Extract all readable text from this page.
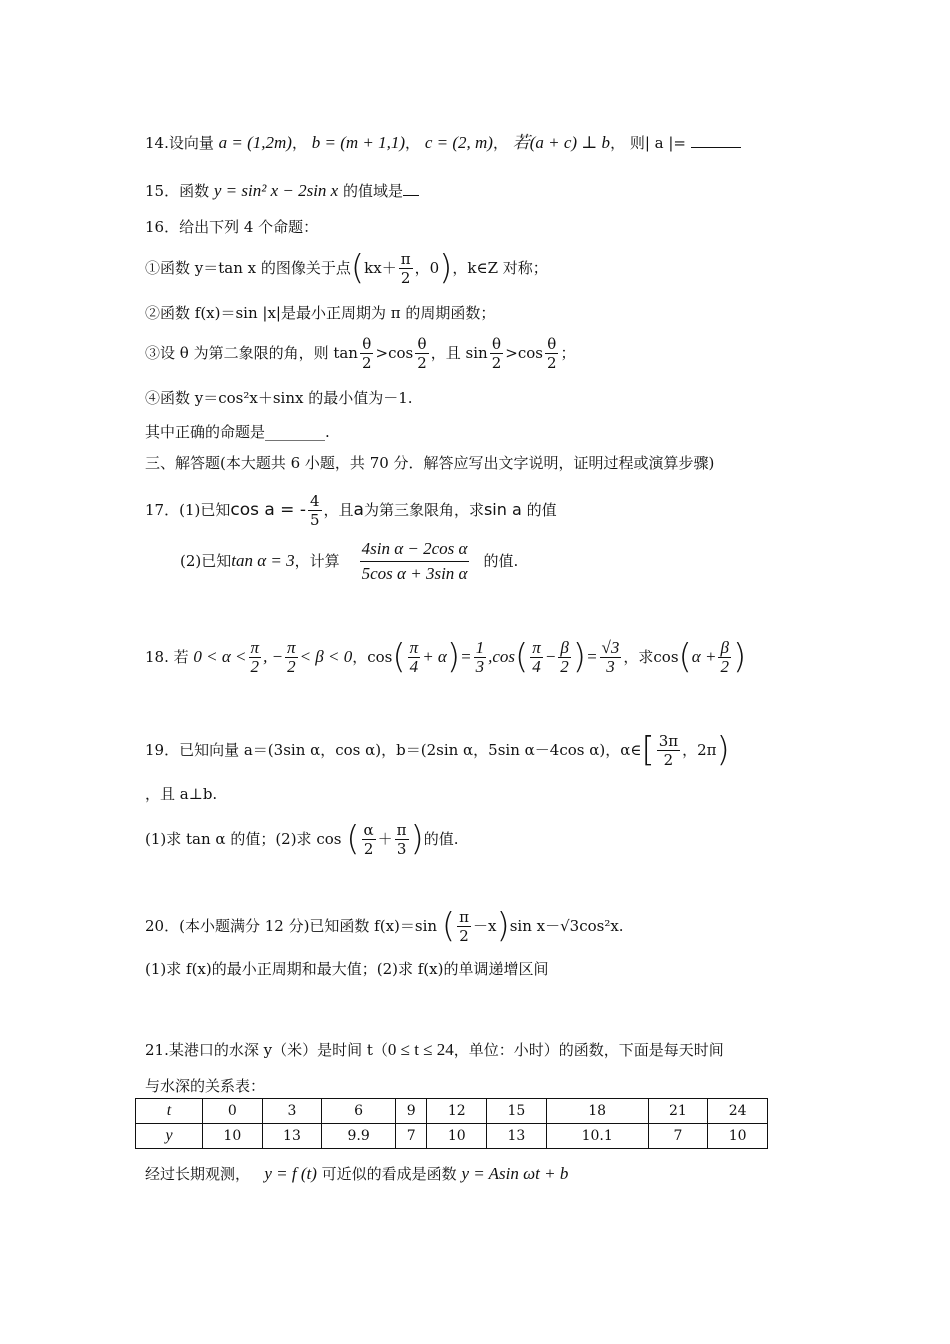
14.设向量 a = (1,2m)， b = (m + 1,1)， c = (2, m)， 若(a + c) ⊥ b， 则| a |=
15．函数 y = sin² x − 2sin x 的值域是
16．给出下列 4 个命题：
①函数 y＝tan x 的图像关于点 ( $kx+ \frac{\pi}{2}$ ，0 ) ，k∈Z 对称；
②函数 f(x)＝sin |x|是最小正周期为 π 的周期函数；
③设 θ 为第二象限的角，则 $\tan \frac{\theta}{2} >\cos \frac{\theta}{2}$ ，且 $\sin \frac{\theta}{2} >\cos \frac{\theta}{2}$ ；
④函数 y＝cos²x＋sinx 的最小值为－1.
其中正确的命题是________.
三、解答题(本大题共 6 小题，共 70 分．解答应写出文字说明，证明过程或演算步骤)
17．(1)已知 cos a = - $\frac{4}{5}$ ，且 a 为第三象限角，求 sin a
的值
(2)已知 tan α = 3 ，计算 $\frac{\text{4sin α − 2cos α}}{\text{5cos α + 3sin α}}$ 的值.
18. 若
$0 < \alpha < \frac{\pi}{2}$ , − $\frac{\pi}{2} < \beta < 0$ ，cos ( $\frac{\pi}{4} + \alpha$ ) = $\frac{1}{3} ,\cos$ ( $\frac{\pi}{4} - \frac{\beta}{2}$ ) = $\frac{√3}{3}$ ，求cos ( $\alpha + \frac{\beta}{2}$ )
19．已知向量 a＝(3sin α，cos α)，b＝(2sin α，5sin α－4cos α)，α∈ [ $\frac{3\pi}{2}$ ，2π )
，且 a⊥b.
(1)求 tan α 的值；(2)求 cos
( $\frac{\alpha}{2} + \frac{\pi}{3}$ ) 的值.
20．(本小题满分 12 分)已知函数 f(x)＝sin
( $\frac{\pi}{2} -x$ ) sin x－√3cos²x.
(1)求 f(x)的最小正周期和最大值；(2)求 f(x)的单调递增区间
21.某港口的水深 y（米）是时间 t（0 ≤ t ≤ 24，单位：小时）的函数，下面是每天时间
与水深的关系表：
t	0	3	6	9	12	15	18	21	24
y	10	13	9.9	7	10	13	10.1	7	10
经过长期观测， y = f (t) 可近似的看成是函数 y = Asin ωt + b
